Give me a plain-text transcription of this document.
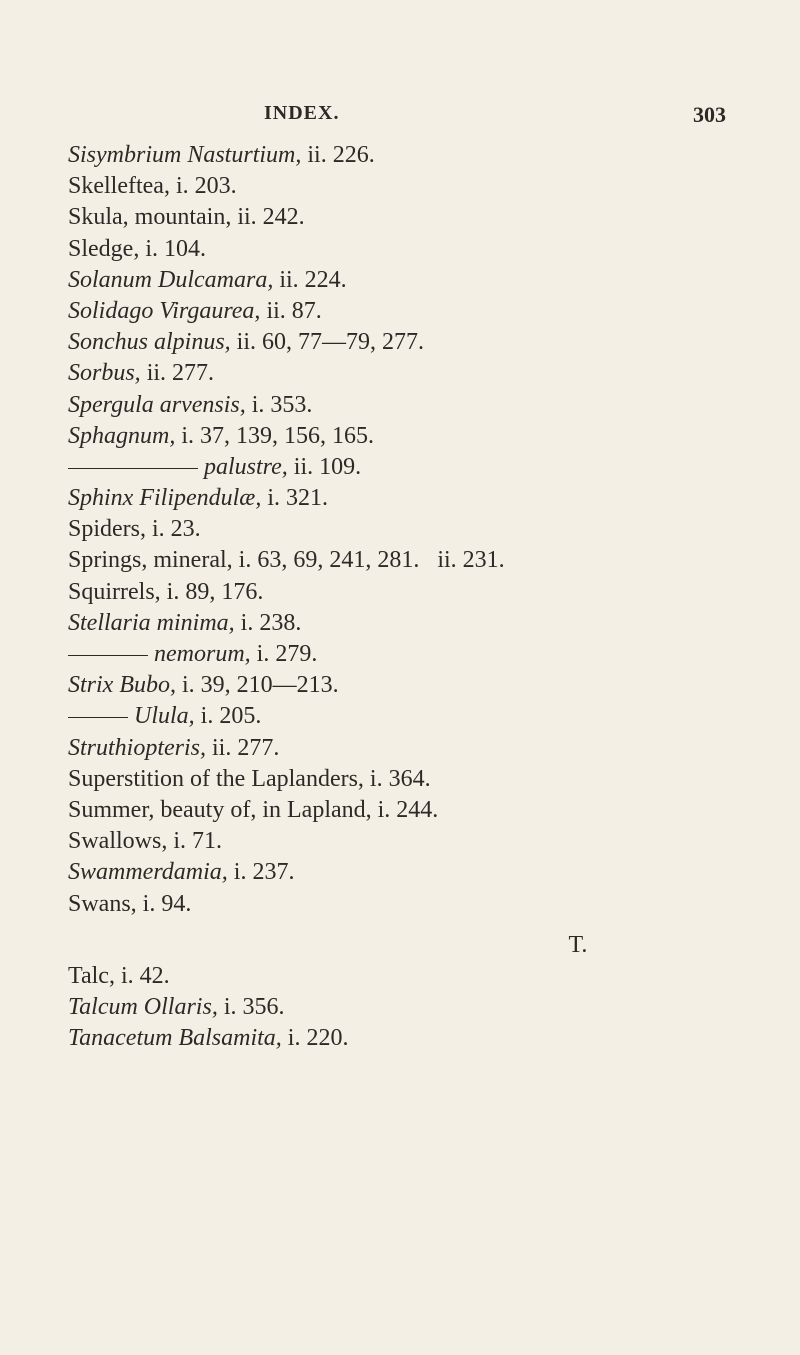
INDEX.	303
Sisymbrium Nasturtium, ii. 226.
Skelleftea, i. 203.
Skula, mountain, ii. 242.
Sledge, i. 104.
Solanum Dulcamara, ii. 224.
Solidago Virgaurea, ii. 87.
Sonchus alpinus, ii. 60, 77—79, 277.
Sorbus, ii. 277.
Spergula arvensis, i. 353.
Sphagnum, i. 37, 139, 156, 165.
palustre, ii. 109.
Sphinx Filipendulæ, i. 321.
Spiders, i. 23.
Springs, mineral, i. 63, 69, 241, 281.   ii. 231.
Squirrels, i. 89, 176.
Stellaria minima, i. 238.
nemorum, i. 279.
Strix Bubo, i. 39, 210—213.
Ulula, i. 205.
Struthiopteris, ii. 277.
Superstition of the Laplanders, i. 364.
Summer, beauty of, in Lapland, i. 244.
Swallows, i. 71.
Swammerdamia, i. 237.
Swans, i. 94.
T.
Talc, i. 42.
Talcum Ollaris, i. 356.
Tanacetum Balsamita, i. 220.
